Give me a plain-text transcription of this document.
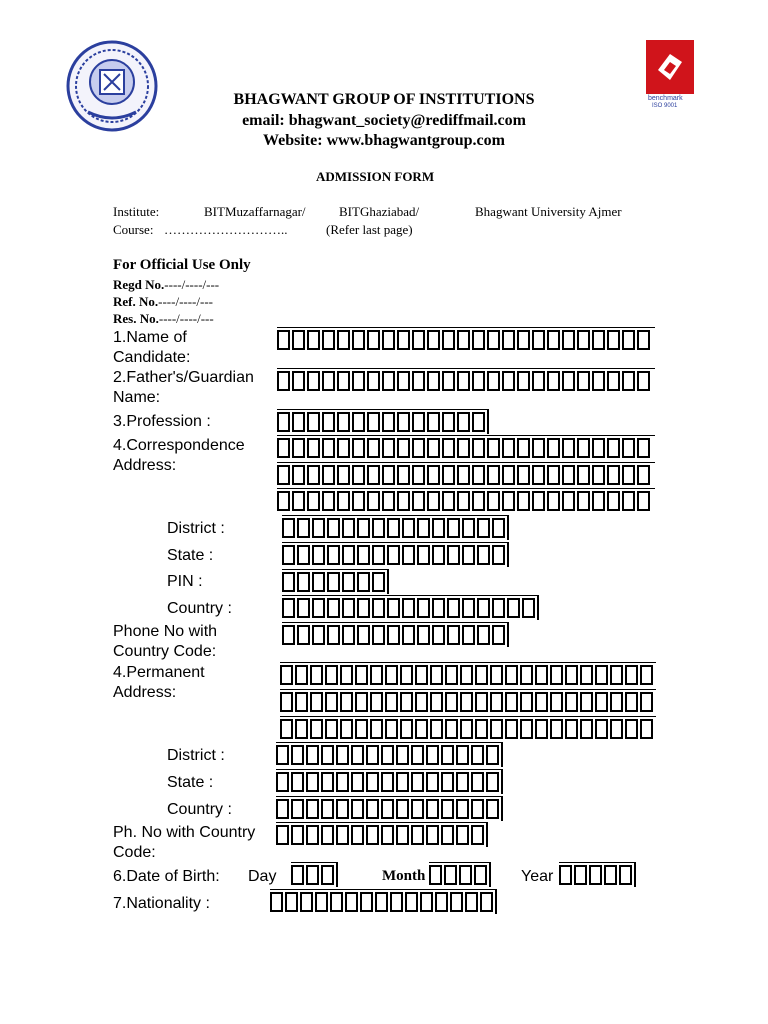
benchmark
ISO 9001
BHAGWANT GROUP OF INSTITUTIONS
email: bhagwant_society@rediffmail.com
Website: www.bhagwantgroup.com
ADMISSION FORM
Institute:	BITMuzaffarnagar/	BITGhaziabad/	Bhagwant University Ajmer
Course: ………………………..	(Refer last page)
For Official Use Only
Regd No.----/----/---
Ref. No.----/----/---
Res. No.----/----/---
1.Name of
Candidate:
2.Father's/Guardian
Name:
3.Profession :
4.Correspondence
Address:
District :
State :
PIN :
Country :
Phone No with
Country Code:
4.Permanent
Address:
District :
State :
Country :
Ph. No with Country
Code:
6.Date of Birth: Day	Month	Year
7.Nationality :
